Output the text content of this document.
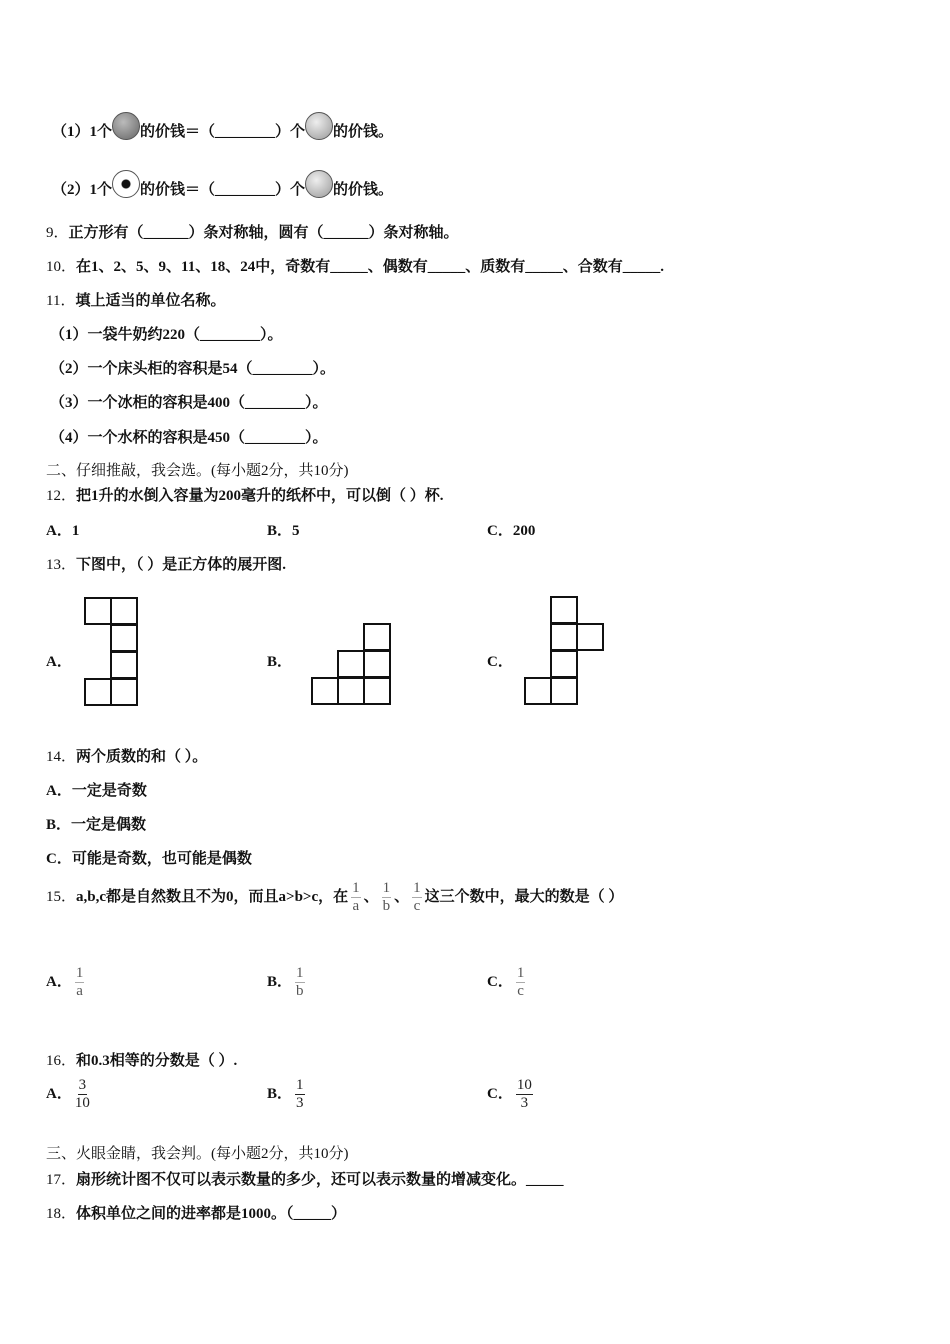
（1）1个 的价钱＝（________）个 的价钱。
（2）1个 的价钱＝（________）个 的价钱。
9．正方形有（______）条对称轴，圆有（______）条对称轴。
10．在1、2、5、9、11、18、24中，奇数有_____、偶数有_____、质数有_____、合数有_____.
11．填上适当的单位名称。
（1）一袋牛奶约220（________）。
（2）一个床头柜的容积是54（________）。
（3）一个冰柜的容积是400（________）。
（4）一个水杯的容积是450（________）。
二、仔细推敲，我会选。(每小题2分，共10分)
12．把1升的水倒入容量为200毫升的纸杯中，可以倒（ ）杯.
A．1	B．5	C．200
13．下图中，（ ）是正方体的展开图.
A．	B．	C．
14．两个质数的和（ ）。
A．一定是奇数
B．一定是偶数
C．可能是奇数，也可能是偶数
15．a,b,c都是自然数且不为0，而且a>b>c，在 $\frac{1}{a}$ 、 $\frac{1}{b}$ 、 $\frac{1}{c}$ 这三个数中，最大的数是（ ）
A． $\frac{1}{a}$	B． $\frac{1}{b}$	C． $\frac{1}{c}$
16．和0.3相等的分数是（ ）.
A． $\frac{3}{10}$	B． $\frac{1}{3}$	C． $\frac{10}{3}$
三、火眼金睛，我会判。(每小题2分，共10分)
17．扇形统计图不仅可以表示数量的多少，还可以表示数量的增减变化。_____
18．体积单位之间的进率都是1000。（_____）
